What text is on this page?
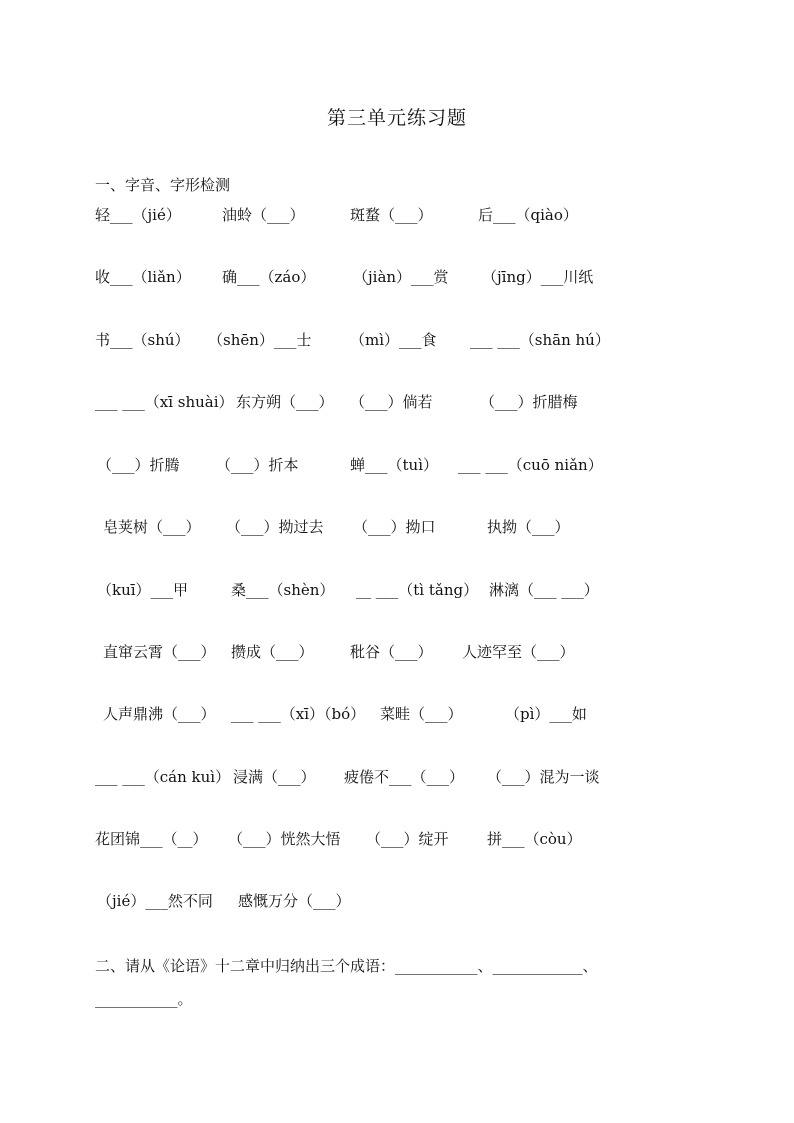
第三单元练习题
一、字音、字形检测
轻___（jié）	油蛉（___）	斑蝥（___）	后___（qiào）
收___（liǎn） 确___（záo）	（jiàn）___赏 （jīng）___川纸
书___（shú） （shēn）___士	（mì）___食 ___ ___（shān hú）
___ ___（xī shuài） 东方朔（___） （___）倘若	（___）折腊梅
（___）折腾 （___）折本	蝉___（tuì） ___ ___（cuō niǎn）
皂荚树（___） （___）拗过去 （___）拗口	执拗（___）
（kuī）___甲	桑___（shèn） __ ___（tì tǎng） 淋漓（___ ___）
直窜云霄（___） 攒成（___） 秕谷（___） 人迹罕至（___）
人声鼎沸（___） ___ ___（xī）（bó） 菜畦（___）	（pì）___如
___ ___（cán kuì） 浸满（___） 疲倦不___（___） （___）混为一谈
花团锦___（__） （___）恍然大悟 （___）绽开	拼___（còu）
（jié）___然不同 感慨万分（___）
二、请从《论语》十二章中归纳出三个成语：___________、____________、
___________。
